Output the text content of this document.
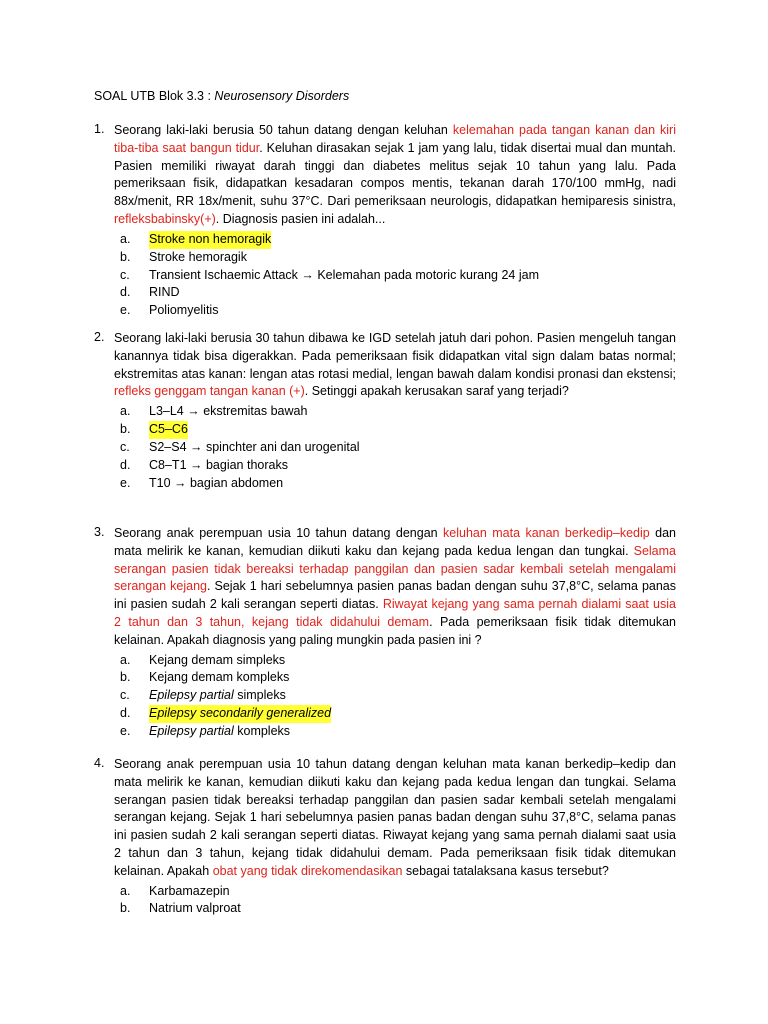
SOAL UTB Blok 3.3 : Neurosensory Disorders
1. Seorang laki-laki berusia 50 tahun datang dengan keluhan kelemahan pada tangan kanan dan kiri tiba-tiba saat bangun tidur. Keluhan dirasakan sejak 1 jam yang lalu, tidak disertai mual dan muntah. Pasien memiliki riwayat darah tinggi dan diabetes melitus sejak 10 tahun yang lalu. Pada pemeriksaan fisik, didapatkan kesadaran compos mentis, tekanan darah 170/100 mmHg, nadi 88x/menit, RR 18x/menit, suhu 37°C. Dari pemeriksaan neurologis, didapatkan hemiparesis sinistra, refleksbabinsky(+). Diagnosis pasien ini adalah...
a. Stroke non hemoragik
b. Stroke hemoragik
c. Transient Ischaemic Attack → Kelemahan pada motoric kurang 24 jam
d. RIND
e. Poliomyelitis
2. Seorang laki-laki berusia 30 tahun dibawa ke IGD setelah jatuh dari pohon. Pasien mengeluh tangan kanannya tidak bisa digerakkan. Pada pemeriksaan fisik didapatkan vital sign dalam batas normal; ekstremitas atas kanan: lengan atas rotasi medial, lengan bawah dalam kondisi pronasi dan ekstensi; refleks genggam tangan kanan (+). Setinggi apakah kerusakan saraf yang terjadi?
a. L3–L4 → ekstremitas bawah
b. C5–C6
c. S2–S4 → spinchter ani dan urogenital
d. C8–T1 → bagian thoraks
e. T10 → bagian abdomen
3. Seorang anak perempuan usia 10 tahun datang dengan keluhan mata kanan berkedip–kedip dan mata melirik ke kanan, kemudian diikuti kaku dan kejang pada kedua lengan dan tungkai. Selama serangan pasien tidak bereaksi terhadap panggilan dan pasien sadar kembali setelah mengalami serangan kejang. Sejak 1 hari sebelumnya pasien panas badan dengan suhu 37,8°C, selama panas ini pasien sudah 2 kali serangan seperti diatas. Riwayat kejang yang sama pernah dialami saat usia 2 tahun dan 3 tahun, kejang tidak didahului demam. Pada pemeriksaan fisik tidak ditemukan kelainan. Apakah diagnosis yang paling mungkin pada pasien ini ?
a. Kejang demam simpleks
b. Kejang demam kompleks
c. Epilepsy partial simpleks
d. Epilepsy secondarily generalized
e. Epilepsy partial kompleks
4. Seorang anak perempuan usia 10 tahun datang dengan keluhan mata kanan berkedip–kedip dan mata melirik ke kanan, kemudian diikuti kaku dan kejang pada kedua lengan dan tungkai. Selama serangan pasien tidak bereaksi terhadap panggilan dan pasien sadar kembali setelah mengalami serangan kejang. Sejak 1 hari sebelumnya pasien panas badan dengan suhu 37,8°C, selama panas ini pasien sudah 2 kali serangan seperti diatas. Riwayat kejang yang sama pernah dialami saat usia 2 tahun dan 3 tahun, kejang tidak didahului demam. Pada pemeriksaan fisik tidak ditemukan kelainan. Apakah obat yang tidak direkomendasikan sebagai tatalaksana kasus tersebut?
a. Karbamazepin
b. Natrium valproat
